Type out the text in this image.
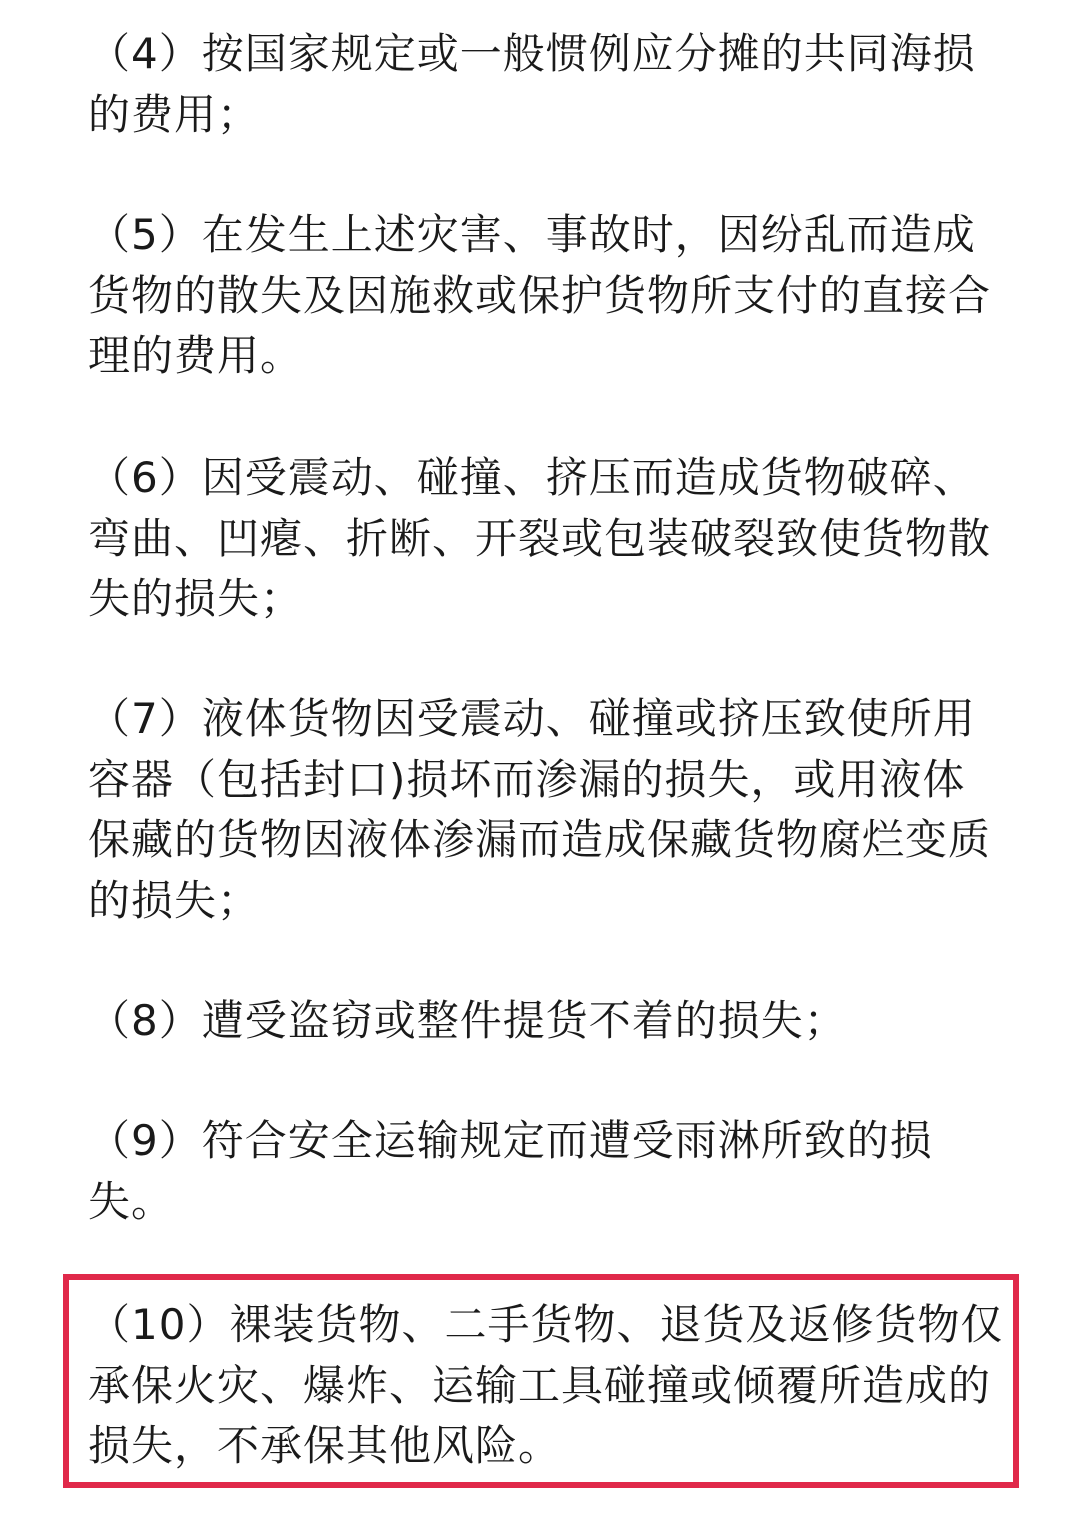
（4）按国家规定或一般惯例应分摊的共同海损的费用；

（5）在发生上述灾害、事故时，因纷乱而造成货物的散失及因施救或保护货物所支付的直接合理的费用。

（6）因受震动、碰撞、挤压而造成货物破碎、弯曲、凹瘪、折断、开裂或包装破裂致使货物散失的损失；

（7）液体货物因受震动、碰撞或挤压致使所用容器（包括封口)损坏而渗漏的损失，或用液体保藏的货物因液体渗漏而造成保藏货物腐烂变质的损失；

（8）遭受盗窃或整件提货不着的损失；

（9）符合安全运输规定而遭受雨淋所致的损失。

（10）裸装货物、二手货物、退货及返修货物仅承保火灾、爆炸、运输工具碰撞或倾覆所造成的损失，不承保其他风险。
